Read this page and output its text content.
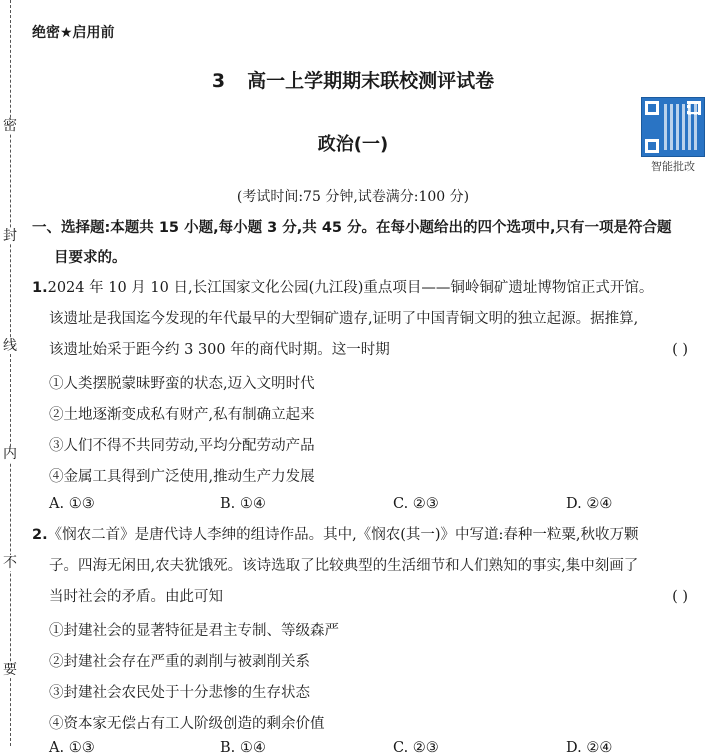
密
封
线
内
不
要
绝密★启用前
3 高一上学期期末联校测评试卷
政治(一)
智能批改
(考试时间:75 分钟,试卷满分:100 分)
一、选择题:本题共 15 小题,每小题 3 分,共 45 分。在每小题给出的四个选项中,只有一项是符合题
目要求的。
1.2024 年 10 月 10 日,长江国家文化公园(九江段)重点项目——铜岭铜矿遗址博物馆正式开馆。
该遗址是我国迄今发现的年代最早的大型铜矿遗存,证明了中国青铜文明的独立起源。据推算,
该遗址始采于距今约 3 300 年的商代时期。这一时期	( )
①人类摆脱蒙昧野蛮的状态,迈入文明时代
②土地逐渐变成私有财产,私有制确立起来
③人们不得不共同劳动,平均分配劳动产品
④金属工具得到广泛使用,推动生产力发展
A. ①③	B. ①④	C. ②③	D. ②④
2.《悯农二首》是唐代诗人李绅的组诗作品。其中,《悯农(其一)》中写道:春种一粒粟,秋收万颗
子。四海无闲田,农夫犹饿死。该诗选取了比较典型的生活细节和人们熟知的事实,集中刻画了
当时社会的矛盾。由此可知	( )
①封建社会的显著特征是君主专制、等级森严
②封建社会存在严重的剥削与被剥削关系
③封建社会农民处于十分悲惨的生存状态
④资本家无偿占有工人阶级创造的剩余价值
A. ①③	B. ①④	C. ②③	D. ②④
